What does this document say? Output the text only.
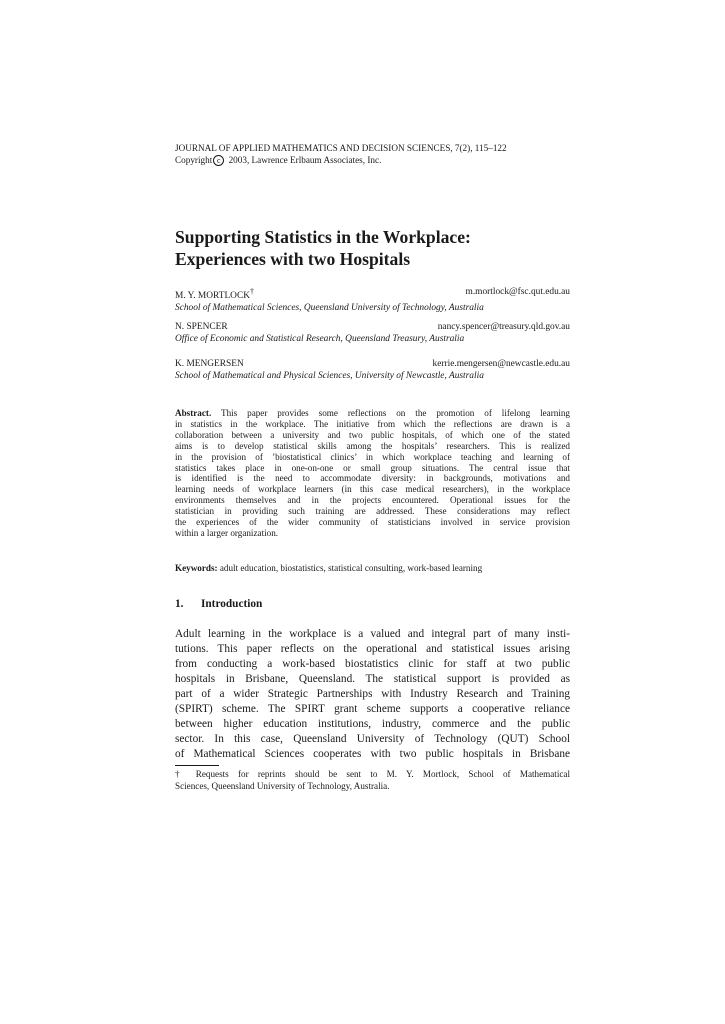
JOURNAL OF APPLIED MATHEMATICS AND DECISION SCIENCES, 7(2), 115–122
Copyright c 2003, Lawrence Erlbaum Associates, Inc.
Supporting Statistics in the Workplace:
Experiences with two Hospitals
M. Y. MORTLOCK†	m.mortlock@fsc.qut.edu.au
School of Mathematical Sciences, Queensland University of Technology, Australia
N. SPENCER	nancy.spencer@treasury.qld.gov.au
Office of Economic and Statistical Research, Queensland Treasury, Australia
K. MENGERSEN	kerrie.mengersen@newcastle.edu.au
School of Mathematical and Physical Sciences, University of Newcastle, Australia
Abstract. This paper provides some reflections on the promotion of lifelong learning
in statistics in the workplace. The initiative from which the reflections are drawn is a
collaboration between a university and two public hospitals, of which one of the stated
aims is to develop statistical skills among the hospitals’ researchers. This is realized
in the provision of ’biostatistical clinics’ in which workplace teaching and learning of
statistics takes place in one-on-one or small group situations. The central issue that
is identified is the need to accommodate diversity: in backgrounds, motivations and
learning needs of workplace learners (in this case medical researchers), in the workplace
environments themselves and in the projects encountered. Operational issues for the
statistician in providing such training are addressed. These considerations may reflect
the experiences of the wider community of statisticians involved in service provision
within a larger organization.
Keywords: adult education, biostatistics, statistical consulting, work-based learning
1. Introduction
Adult learning in the workplace is a valued and integral part of many insti-
tutions. This paper reflects on the operational and statistical issues arising
from conducting a work-based biostatistics clinic for staff at two public
hospitals in Brisbane, Queensland. The statistical support is provided as
part of a wider Strategic Partnerships with Industry Research and Training
(SPIRT) scheme. The SPIRT grant scheme supports a cooperative reliance
between higher education institutions, industry, commerce and the public
sector. In this case, Queensland University of Technology (QUT) School
of Mathematical Sciences cooperates with two public hospitals in Brisbane
† Requests for reprints should be sent to M. Y. Mortlock, School of Mathematical
Sciences, Queensland University of Technology, Australia.
